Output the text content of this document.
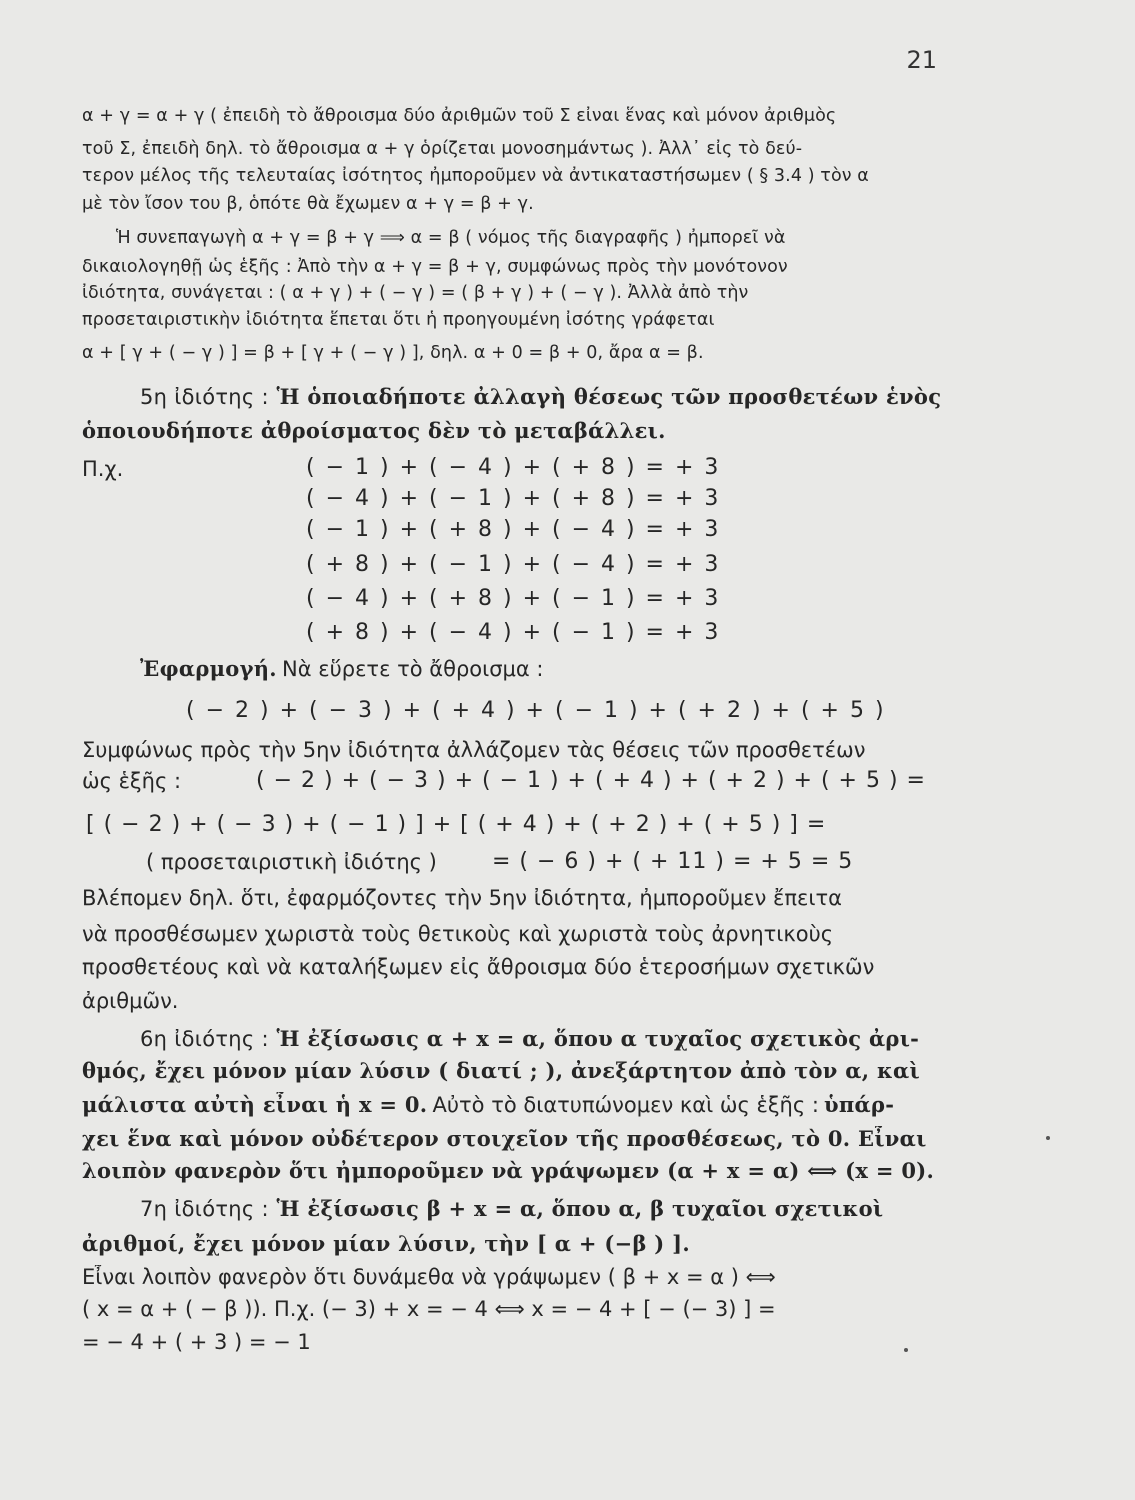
21
α + γ = α + γ ( ἐπειδὴ τὸ ἄθροισμα δύο ἀριθμῶν τοῦ Σ εἶναι ἕνας καὶ μόνον ἀριθμὸς
τοῦ Σ, ἐπειδὴ δηλ. τὸ ἄθροισμα α + γ ὁρίζεται μονοσημάντως ). Ἀλλ᾽ εἰς τὸ δεύ-
τερον μέλος τῆς τελευταίας ἰσότητος ἠμποροῦμεν νὰ ἀντικαταστήσωμεν ( § 3.4 ) τὸν α
μὲ τὸν ἴσον του β, ὁπότε θὰ ἔχωμεν α + γ = β + γ.
Ἡ συνεπαγωγὴ α + γ = β + γ ⟹ α = β ( νόμος τῆς διαγραφῆς ) ἠμπορεῖ νὰ
δικαιολογηθῇ ὡς ἑξῆς : Ἀπὸ τὴν α + γ = β + γ, συμφώνως πρὸς τὴν μονότονον
ἰδιότητα, συνάγεται : ( α + γ ) + ( − γ ) = ( β + γ ) + ( − γ ). Ἀλλὰ ἀπὸ τὴν
προσεταιριστικὴν ἰδιότητα ἕπεται ὅτι ἡ προηγουμένη ἰσότης γράφεται
α + [ γ + ( − γ ) ] = β + [ γ + ( − γ ) ], δηλ. α + 0 = β + 0, ἄρα α = β.
5η ἰδιότης : Ἡ ὁποιαδήποτε ἀλλαγὴ θέσεως τῶν προσθετέων ἑνὸς
ὁποιουδήποτε ἀθροίσματος δὲν τὸ μεταβάλλει.
Π.χ.	( − 1 ) + ( − 4 ) + ( + 8 ) = + 3
( − 4 ) + ( − 1 ) + ( + 8 ) = + 3
( − 1 ) + ( + 8 ) + ( − 4 ) = + 3
( + 8 ) + ( − 1 ) + ( − 4 ) = + 3
( − 4 ) + ( + 8 ) + ( − 1 ) = + 3
( + 8 ) + ( − 4 ) + ( − 1 ) = + 3
Ἐφαρμογή. Νὰ εὕρετε τὸ ἄθροισμα :
( − 2 ) + ( − 3 ) + ( + 4 ) + ( − 1 ) + ( + 2 ) + ( + 5 )
Συμφώνως πρὸς τὴν 5ην ἰδιότητα ἀλλάζομεν τὰς θέσεις τῶν προσθετέων
ὡς ἑξῆς :	( − 2 ) + ( − 3 ) + ( − 1 ) + ( + 4 ) + ( + 2 ) + ( + 5 ) =
[ ( − 2 ) + ( − 3 ) + ( − 1 ) ] + [ ( + 4 ) + ( + 2 ) + ( + 5 ) ] =
( προσεταιριστικὴ ἰδιότης )	= ( − 6 ) + ( + 11 ) = + 5 = 5
Βλέπομεν δηλ. ὅτι, ἐφαρμόζοντες τὴν 5ην ἰδιότητα, ἠμποροῦμεν ἔπειτα
νὰ προσθέσωμεν χωριστὰ τοὺς θετικοὺς καὶ χωριστὰ τοὺς ἀρνητικοὺς
προσθετέους καὶ νὰ καταλήξωμεν εἰς ἄθροισμα δύο ἑτεροσήμων σχετικῶν
ἀριθμῶν.
6η ἰδιότης : Ἡ ἐξίσωσις α + x = α, ὅπου α τυχαῖος σχετικὸς ἀρι-
θμός, ἔχει μόνον μίαν λύσιν ( διατί ; ), ἀνεξάρτητον ἀπὸ τὸν α, καὶ
μάλιστα αὐτὴ εἶναι ἡ x = 0. Αὐτὸ τὸ διατυπώνομεν καὶ ὡς ἑξῆς : ὑπάρ-
χει ἕνα καὶ μόνον οὐδέτερον στοιχεῖον τῆς προσθέσεως, τὸ 0. Εἶναι
λοιπὸν φανερὸν ὅτι ἠμποροῦμεν νὰ γράψωμεν (α + x = α) ⟺ (x = 0).
7η ἰδιότης : Ἡ ἐξίσωσις β + x = α, ὅπου α, β τυχαῖοι σχετικοὶ
ἀριθμοί, ἔχει μόνον μίαν λύσιν, τὴν [ α + (−β ) ].
Εἶναι λοιπὸν φανερὸν ὅτι δυνάμεθα νὰ γράψωμεν ( β + x = α ) ⟺
( x = α + ( − β )). Π.χ. (− 3) + x = − 4 ⟺ x = − 4 + [ − (− 3) ] =
= − 4 + ( + 3 ) = − 1
